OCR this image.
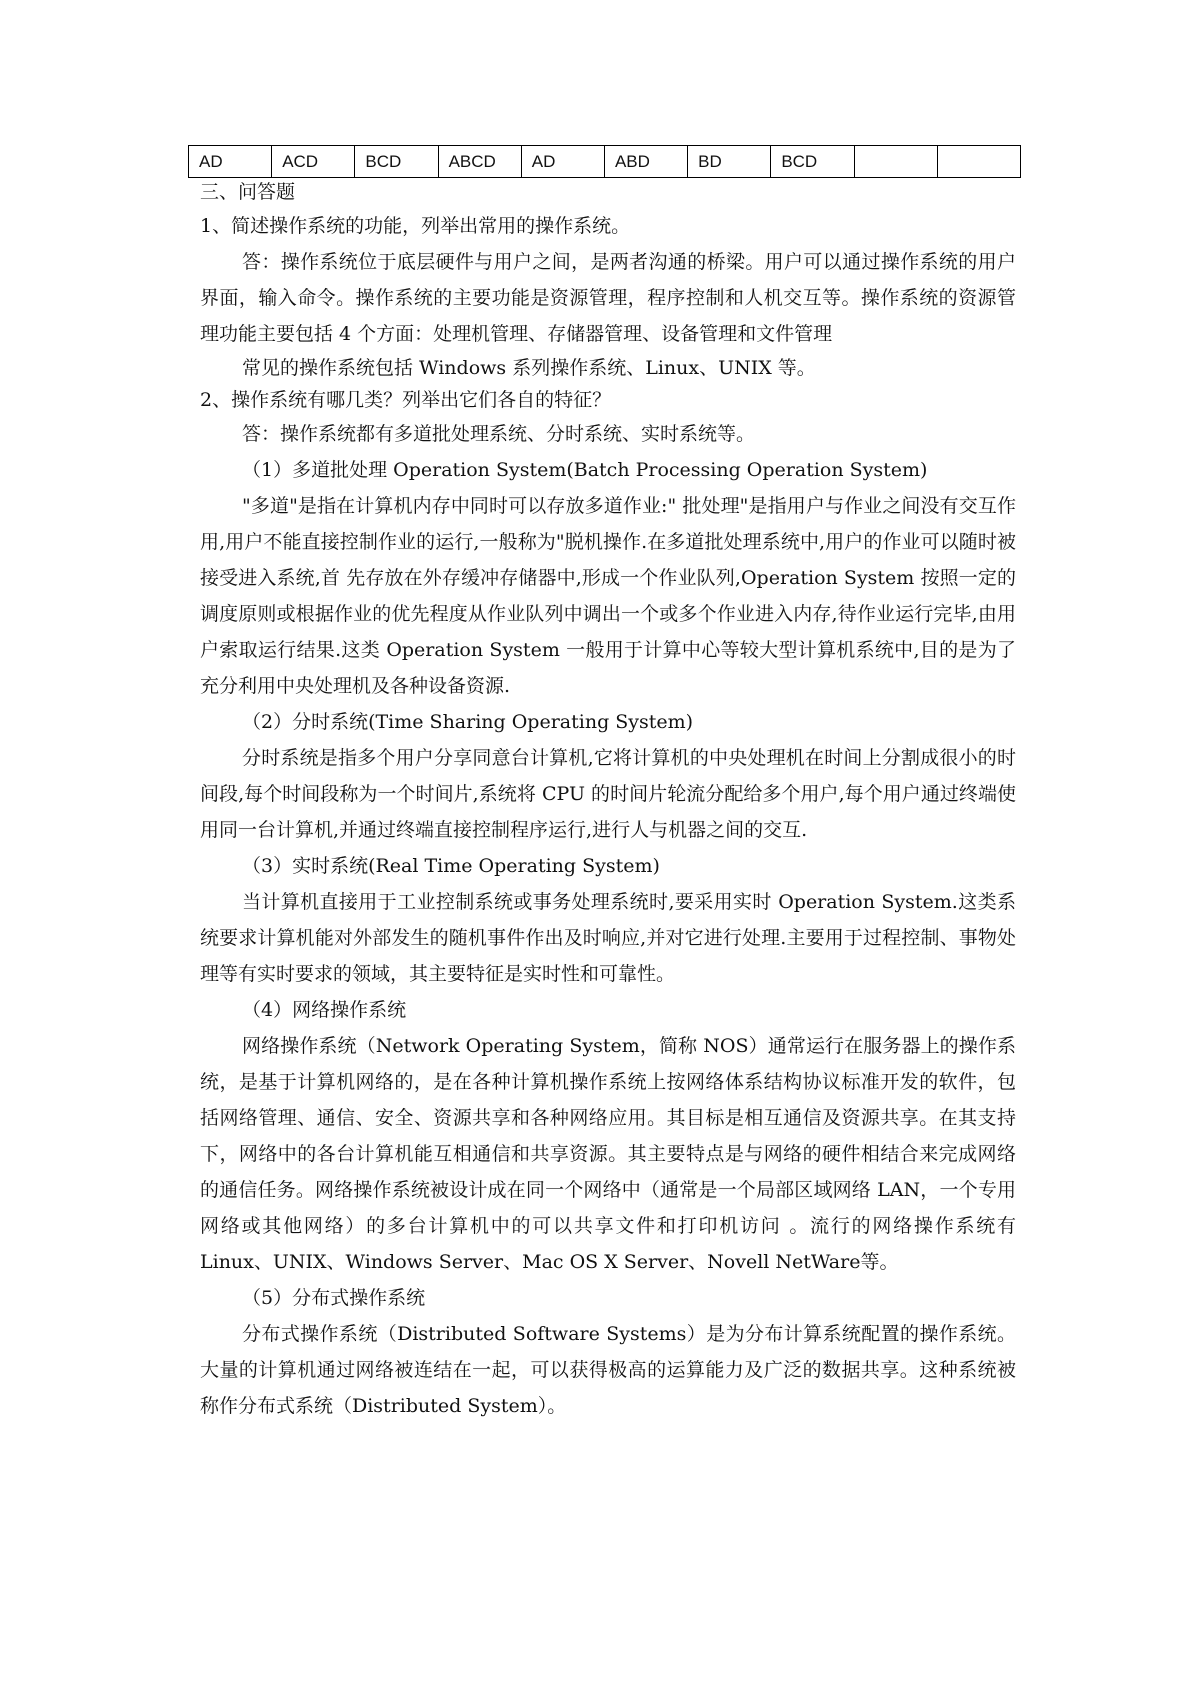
AD	ACD	BCD	ABCD	AD	ABD	BD	BCD		

三、问答题

1、简述操作系统的功能，列举出常用的操作系统。

答：操作系统位于底层硬件与用户之间，是两者沟通的桥梁。用户可以通过操作系统的用户界面，输入命令。操作系统的主要功能是资源管理，程序控制和人机交互等。操作系统的资源管理功能主要包括 4 个方面：处理机管理、存储器管理、设备管理和文件管理

常见的操作系统包括 Windows 系列操作系统、Linux、UNIX 等。

2、操作系统有哪几类？列举出它们各自的特征？

答：操作系统都有多道批处理系统、分时系统、实时系统等。

（1）多道批处理 Operation System(Batch Processing Operation System)

"多道"是指在计算机内存中同时可以存放多道作业:" 批处理"是指用户与作业之间没有交互作用,用户不能直接控制作业的运行,一般称为"脱机操作.在多道批处理系统中,用户的作业可以随时被接受进入系统,首 先存放在外存缓冲存储器中,形成一个作业队列,Operation System 按照一定的调度原则或根据作业的优先程度从作业队列中调出一个或多个作业进入内存,待作业运行完毕,由用户索取运行结果.这类 Operation System 一般用于计算中心等较大型计算机系统中,目的是为了充分利用中央处理机及各种设备资源.

（2）分时系统(Time Sharing Operating System)

分时系统是指多个用户分享同意台计算机,它将计算机的中央处理机在时间上分割成很小的时间段,每个时间段称为一个时间片,系统将 CPU 的时间片轮流分配给多个用户,每个用户通过终端使用同一台计算机,并通过终端直接控制程序运行,进行人与机器之间的交互.

（3）实时系统(Real Time Operating System)

当计算机直接用于工业控制系统或事务处理系统时,要采用实时 Operation System.这类系统要求计算机能对外部发生的随机事件作出及时响应,并对它进行处理.主要用于过程控制、事物处理等有实时要求的领域，其主要特征是实时性和可靠性。

（4）网络操作系统

网络操作系统（Network Operating System，简称 NOS）通常运行在服务器上的操作系统，是基于计算机网络的，是在各种计算机操作系统上按网络体系结构协议标准开发的软件，包括网络管理、通信、安全、资源共享和各种网络应用。其目标是相互通信及资源共享。在其支持下，网络中的各台计算机能互相通信和共享资源。其主要特点是与网络的硬件相结合来完成网络的通信任务。网络操作系统被设计成在同一个网络中（通常是一个局部区域网络 LAN，一个专用网络或其他网络）的多台计算机中的可以共享文件和打印机访问 。流行的网络操作系统有 Linux、UNIX、Windows Server、Mac OS X Server、Novell NetWare等。

（5）分布式操作系统

分布式操作系统（Distributed Software Systems）是为分布计算系统配置的操作系统。大量的计算机通过网络被连结在一起，可以获得极高的运算能力及广泛的数据共享。这种系统被称作分布式系统（Distributed System）。
